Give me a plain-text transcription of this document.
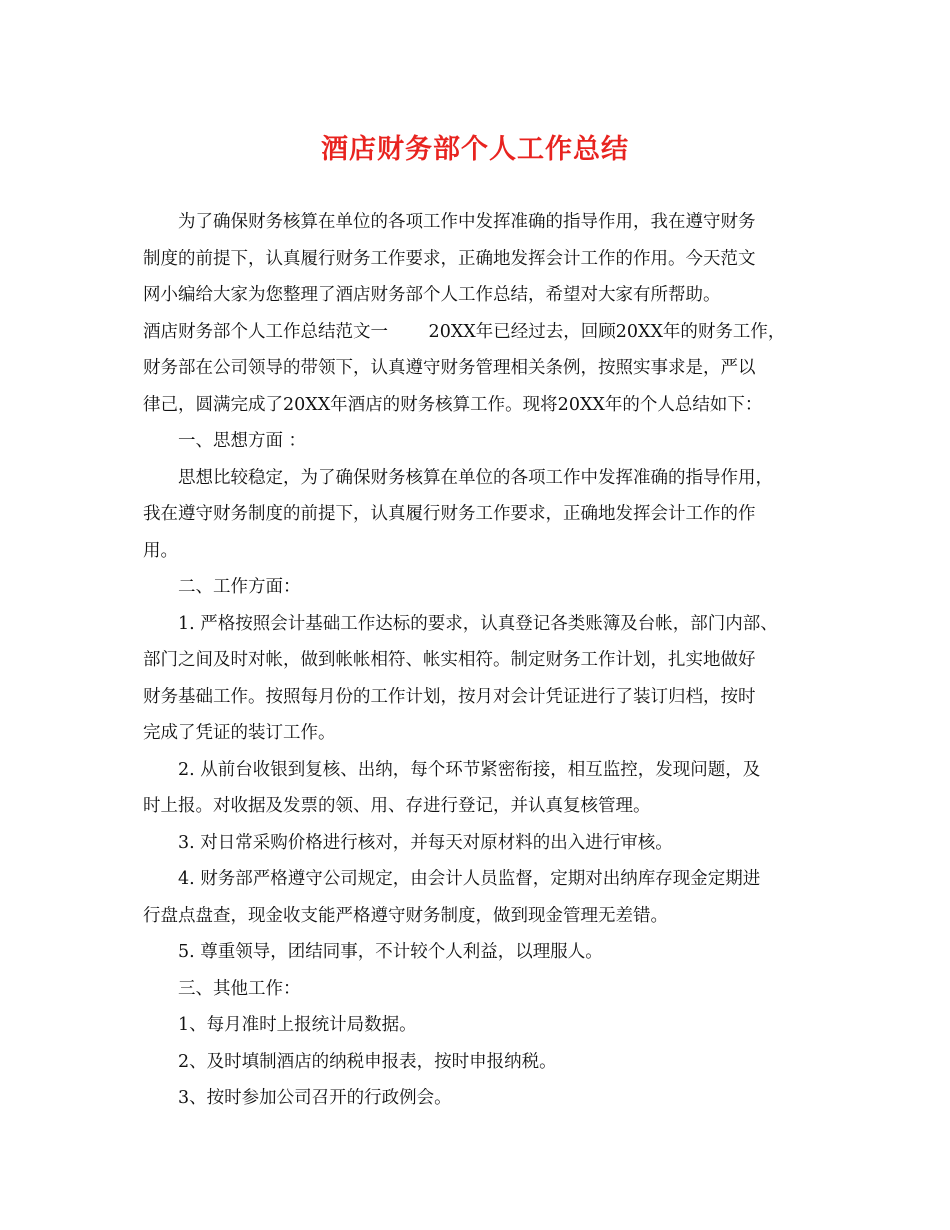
酒店财务部个人工作总结
为了确保财务核算在单位的各项工作中发挥准确的指导作用，我在遵守财务
制度的前提下，认真履行财务工作要求，正确地发挥会计工作的作用。今天范文
网小编给大家为您整理了酒店财务部个人工作总结，希望对大家有所帮助。
酒店财务部个人工作总结范文一　　 20XX年已经过去，回顾20XX年的财务工作，
财务部在公司领导的带领下，认真遵守财务管理相关条例，按照实事求是，严以
律己，圆满完成了20XX年酒店的财务核算工作。现将20XX年的个人总结如下：
一、思想方面 ：
思想比较稳定，为了确保财务核算在单位的各项工作中发挥准确的指导作用，
我在遵守财务制度的前提下，认真履行财务工作要求，正确地发挥会计工作的作
用。
二、工作方面：
1. 严格按照会计基础工作达标的要求，认真登记各类账簿及台帐，部门内部、
部门之间及时对帐，做到帐帐相符、帐实相符。制定财务工作计划，扎实地做好
财务基础工作。按照每月份的工作计划，按月对会计凭证进行了装订归档，按时
完成了凭证的装订工作。
2. 从前台收银到复核、出纳，每个环节紧密衔接，相互监控，发现问题，及
时上报。对收据及发票的领、用、存进行登记，并认真复核管理。
3. 对日常采购价格进行核对，并每天对原材料的出入进行审核。
4. 财务部严格遵守公司规定，由会计人员监督，定期对出纳库存现金定期进
行盘点盘查，现金收支能严格遵守财务制度，做到现金管理无差错。
5. 尊重领导，团结同事，不计较个人利益，以理服人。
三、其他工作：
1、每月准时上报统计局数据。
2、及时填制酒店的纳税申报表，按时申报纳税。
3、按时参加公司召开的行政例会。
